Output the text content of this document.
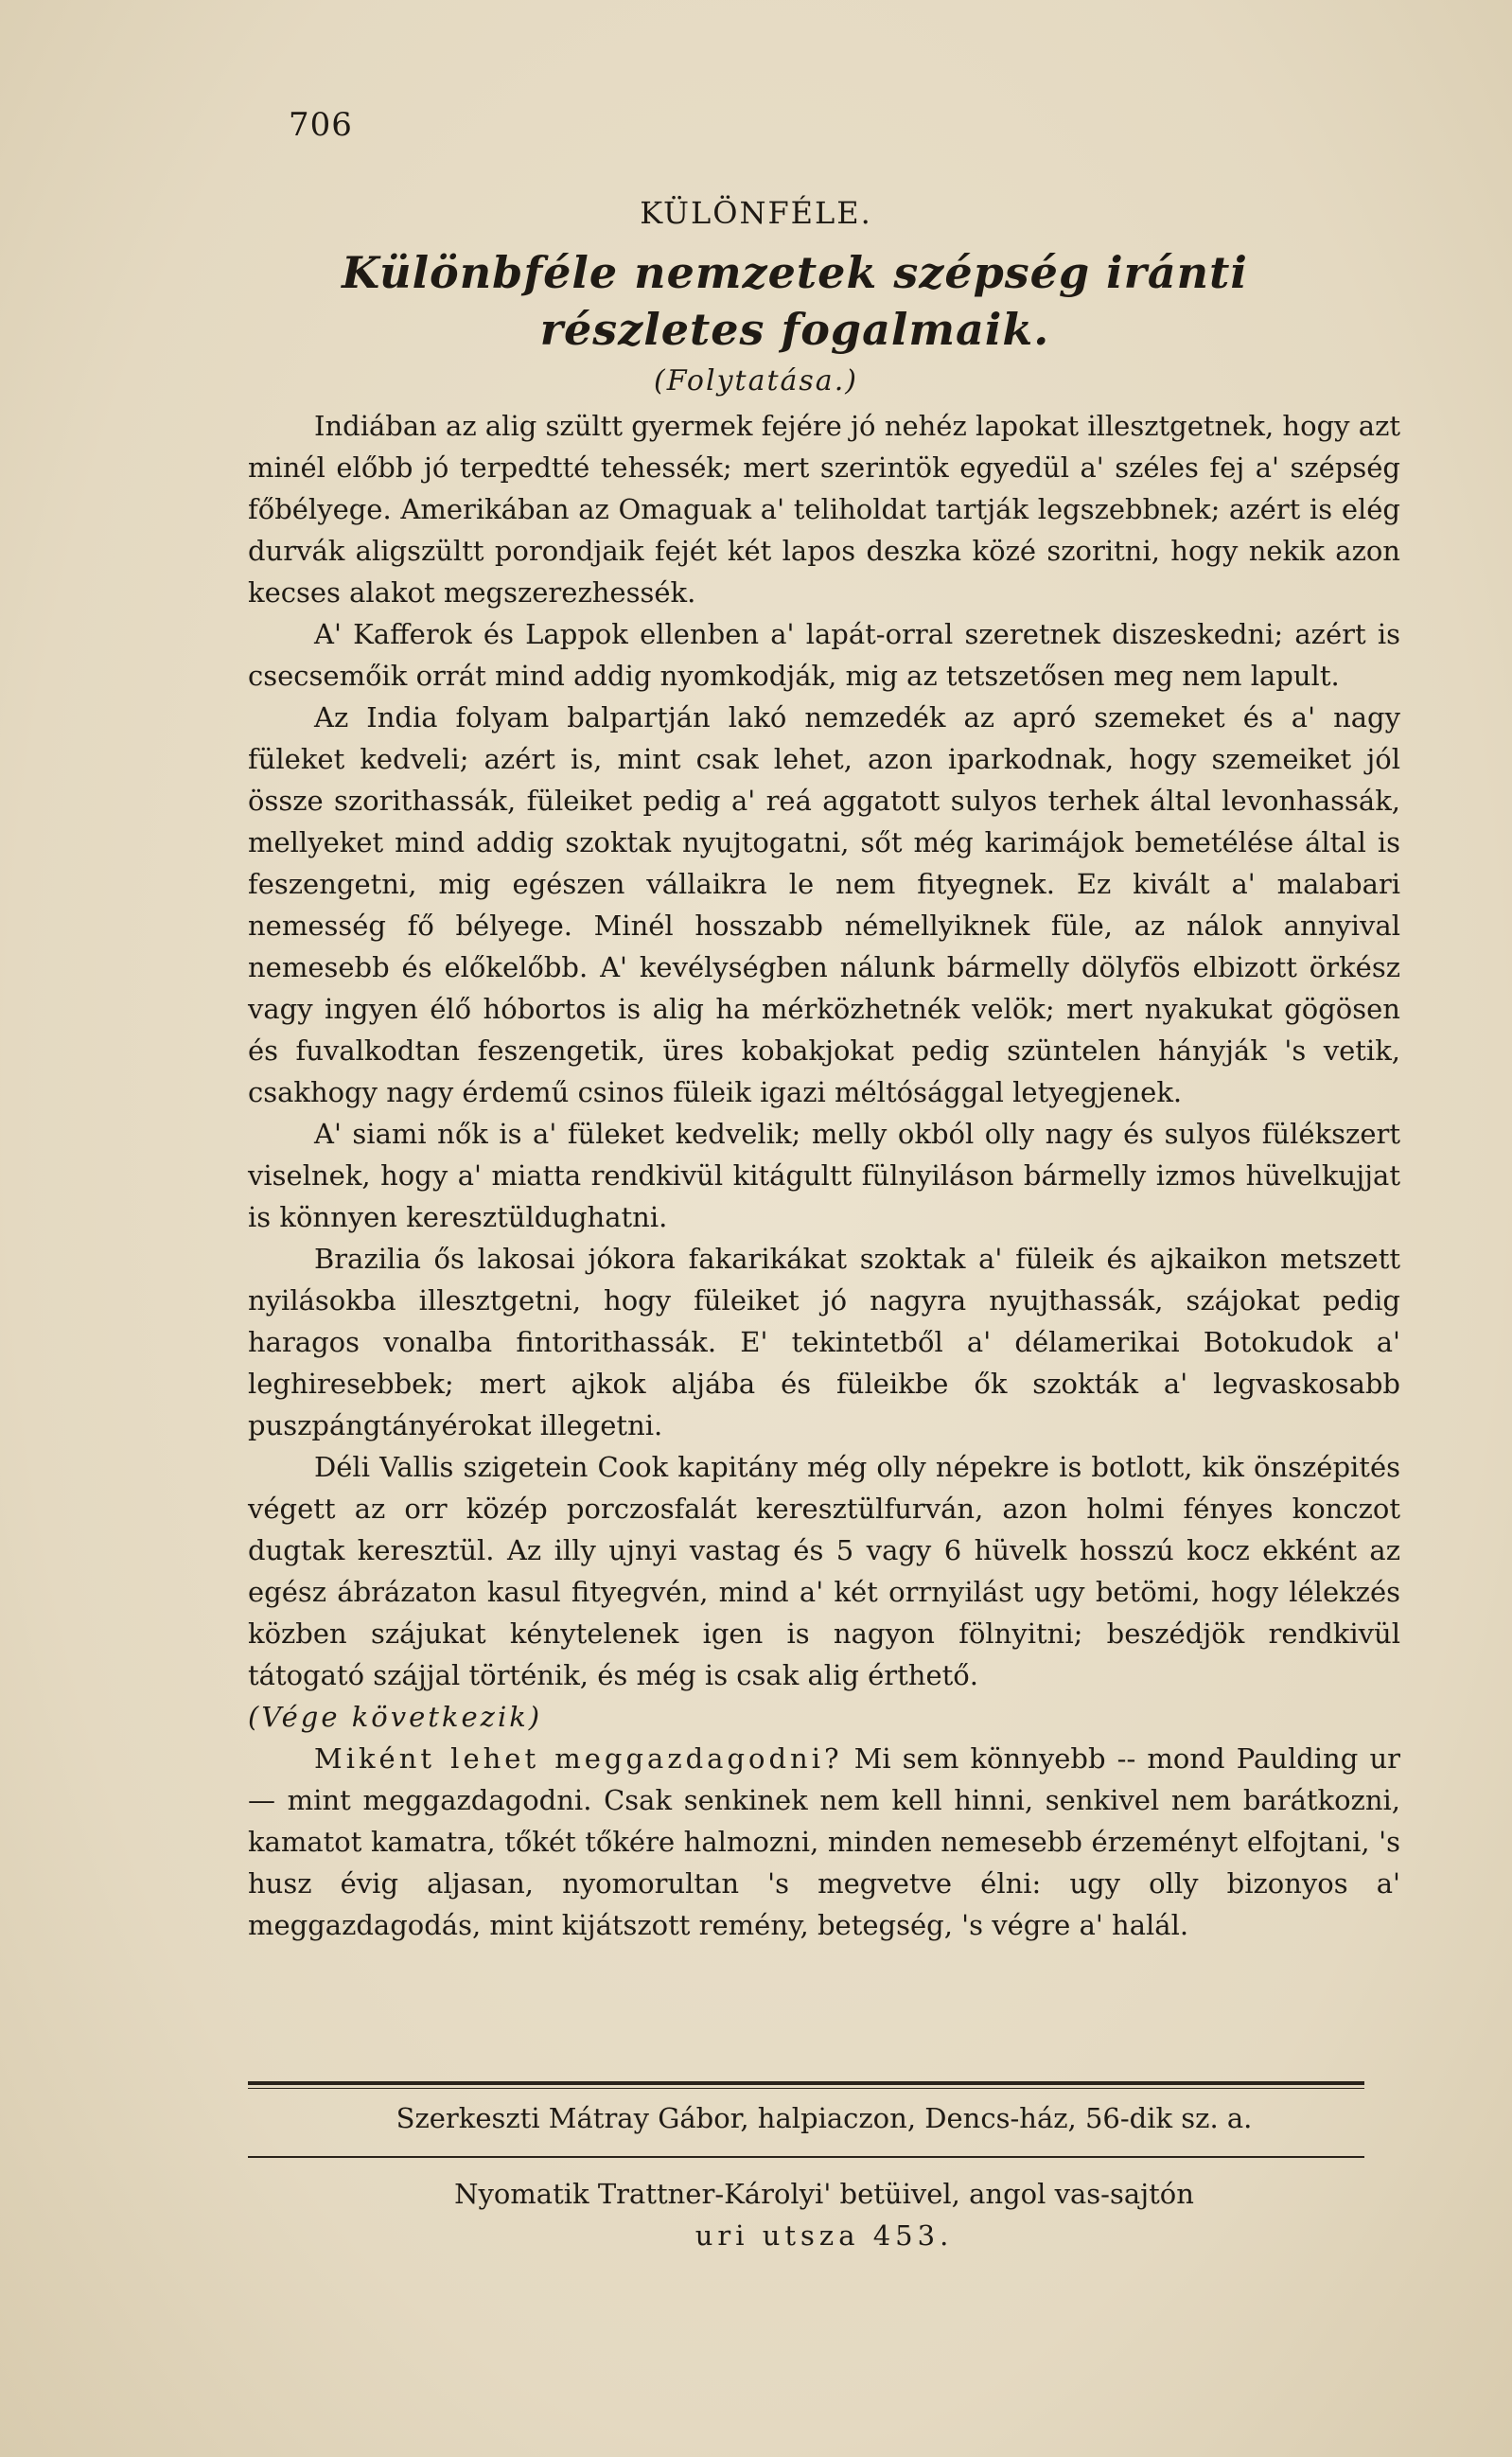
706
KÜLÖNFÉLE.
Különbféle nemzetek szépség iránti részletes fogalmaik.
(Folytatása.)

Indiában az alig szültt gyermek fejére jó nehéz lapokat illesztgetnek, hogy azt minél előbb jó terpedtté tehessék; mert szerintök egyedül a' széles fej a' szépség főbélyege. Amerikában az Omaguak a' teliholdat tartják legszebbnek; azért is elég durvák aligszültt porondjaik fejét két lapos deszka közé szoritni, hogy nekik azon kecses alakot megszerezhessék.

A' Kafferok és Lappok ellenben a' lapát-orral szeretnek diszeskedni; azért is csecsemőik orrát mind addig nyomkodják, mig az tetszetősen meg nem lapult.

Az India folyam balpartján lakó nemzedék az apró szemeket és a' nagy füleket kedveli; azért is, mint csak lehet, azon iparkodnak, hogy szemeiket jól össze szorithassák, füleiket pedig a' reá aggatott sulyos terhek által levonhassák, mellyeket mind addig szoktak nyujtogatni, sőt még karimájok bemetélése által is feszengetni, mig egészen vállaikra le nem fityegnek. Ez kivált a' malabari nemesség fő bélyege. Minél hosszabb némellyiknek füle, az nálok annyival nemesebb és előkelőbb. A' kevélységben nálunk bármelly dölyfös elbizott örkész vagy ingyen élő hóbortos is alig ha mérközhetnék velök; mert nyakukat gögösen és fuvalkodtan feszengetik, üres kobakjokat pedig szüntelen hányják 's vetik, csakhogy nagy érdemű csinos füleik igazi méltósággal letyegjenek.

A' siami nők is a' füleket kedvelik; melly okból olly nagy és sulyos fülékszert viselnek, hogy a' miatta rendkivül kitágultt fülnyiláson bármelly izmos hüvelkujjat is könnyen keresztüldughatni.

Brazilia ős lakosai jókora fakarikákat szoktak a' füleik és ajkaikon metszett nyilásokba illesztgetni, hogy füleiket jó nagyra nyujthassák, szájokat pedig haragos vonalba fintorithassák. E' tekintetből a' délamerikai Botokudok a' leghiresebbek; mert ajkok aljába és füleikbe ők szokták a' legvaskosabb puszpángtányérokat illegetni.

Déli Vallis szigetein Cook kapitány még olly népekre is botlott, kik önszépités végett az orr közép porczosfalát keresztülfurván, azon holmi fényes konczot dugtak keresztül. Az illy ujnyi vastag és 5 vagy 6 hüvelk hosszú kocz ekként az egész ábrázaton kasul fityegvén, mind a' két orrnyilást ugy betömi, hogy lélekzés közben szájukat kénytelenek igen is nagyon fölnyitni; beszédjök rendkivül tátogató szájjal történik, és még is csak alig érthető.

(Vége következik)

Miként lehet meggazdagodni? Mi sem könnyebb -- mond Paulding ur — mint meggazdagodni. Csak senkinek nem kell hinni, senkivel nem barátkozni, kamatot kamatra, tőkét tőkére halmozni, minden nemesebb érzeményt elfojtani, 's husz évig aljasan, nyomorultan 's megvetve élni: ugy olly bizonyos a' meggazdagodás, mint kijátszott remény, betegség, 's végre a' halál.

Szerkeszti Mátray Gábor, halpiaczon, Dencs-ház, 56-dik sz. a.
Nyomatik Trattner-Károlyi' betüivel, angol vas-sajtón
uri utsza 453.
